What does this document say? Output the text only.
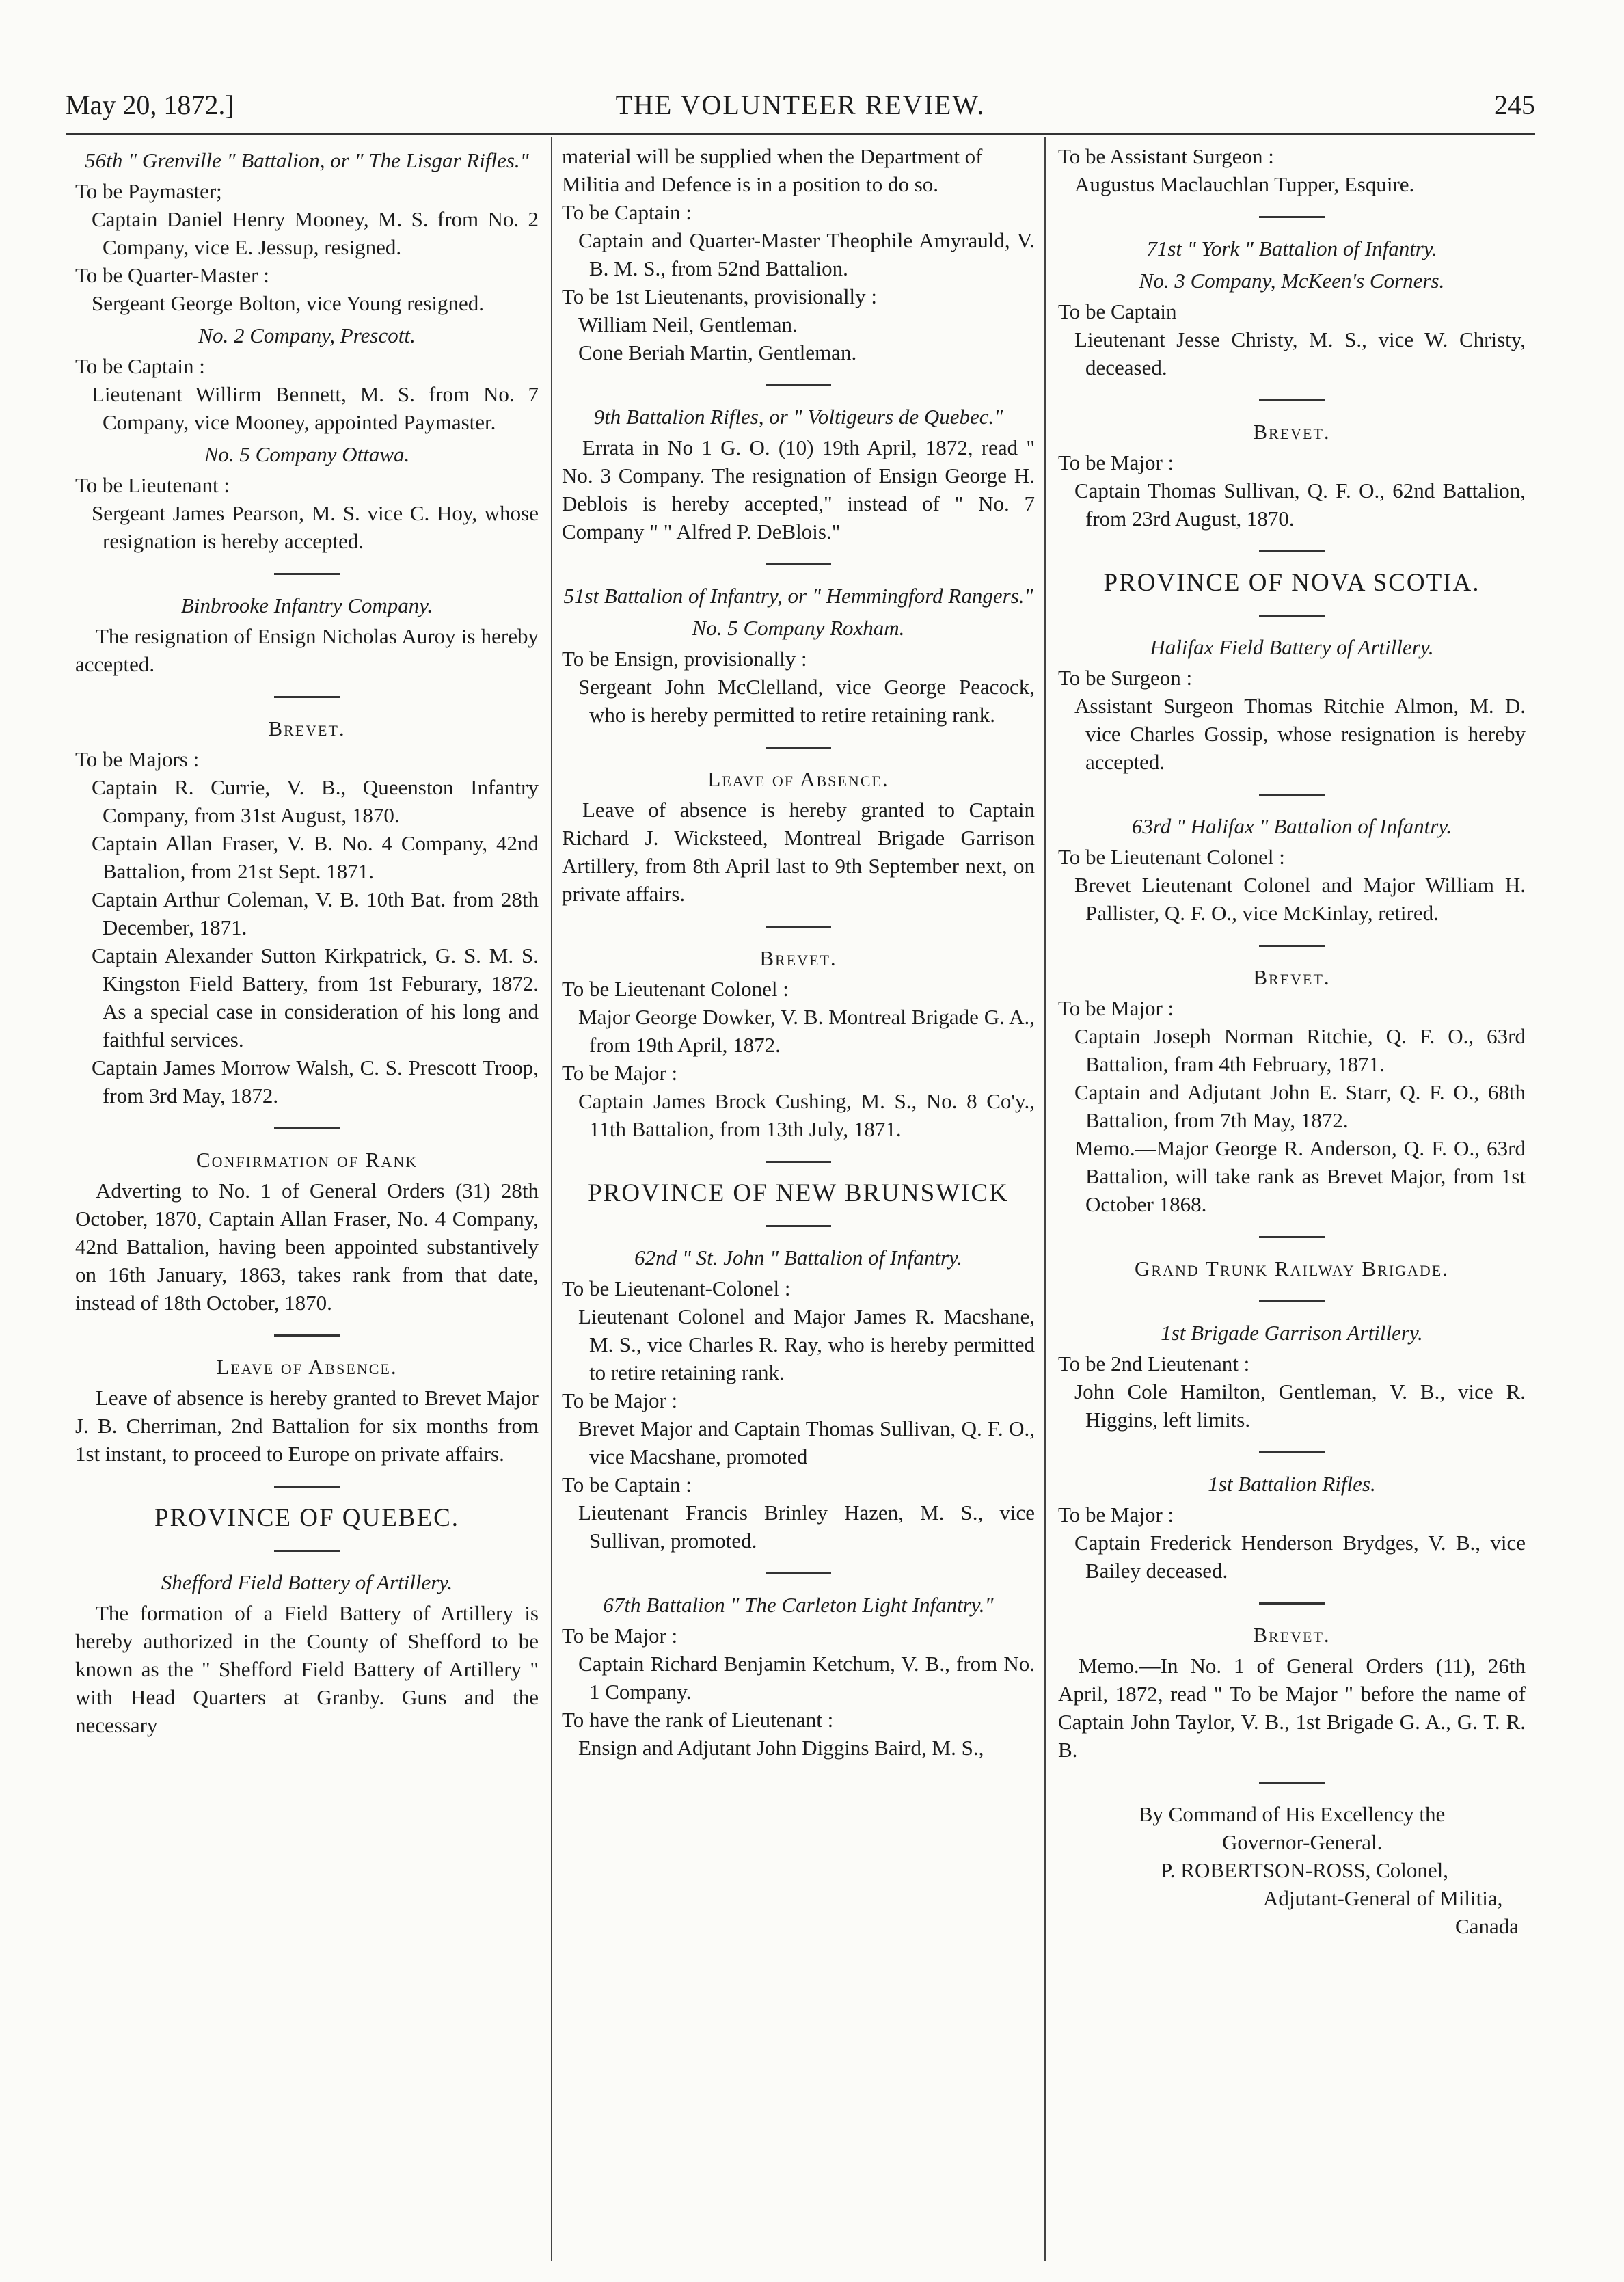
May 20, 1872.]	THE VOLUNTEER REVIEW.	245

56th " Grenville " Battalion, or " The Lisgar Rifles."

To be Paymaster;

Captain Daniel Henry Mooney, M. S. from No. 2 Company, vice E. Jessup, resigned.

To be Quarter-Master :

Sergeant George Bolton, vice Young resigned.

No. 2 Company, Prescott.

To be Captain :

Lieutenant Willirm Bennett, M. S. from No. 7 Company, vice Mooney, appointed Paymaster.

No. 5 Company Ottawa.

To be Lieutenant :

Sergeant James Pearson, M. S. vice C. Hoy, whose resignation is hereby accepted.

Binbrooke Infantry Company.

The resignation of Ensign Nicholas Auroy is hereby accepted.

Brevet.

To be Majors :

Captain R. Currie, V. B., Queenston Infantry Company, from 31st August, 1870.

Captain Allan Fraser, V. B. No. 4 Company, 42nd Battalion, from 21st Sept. 1871.

Captain Arthur Coleman, V. B. 10th Bat. from 28th December, 1871.

Captain Alexander Sutton Kirkpatrick, G. S. M. S. Kingston Field Battery, from 1st Feburary, 1872. As a special case in consideration of his long and faithful services.

Captain James Morrow Walsh, C. S. Prescott Troop, from 3rd May, 1872.

Confirmation of Rank

Adverting to No. 1 of General Orders (31) 28th October, 1870, Captain Allan Fraser, No. 4 Company, 42nd Battalion, having been appointed substantively on 16th January, 1863, takes rank from that date, instead of 18th October, 1870.

Leave of Absence.

Leave of absence is hereby granted to Brevet Major J. B. Cherriman, 2nd Battalion for six months from 1st instant, to proceed to Europe on private affairs.

PROVINCE OF QUEBEC.

Shefford Field Battery of Artillery.

The formation of a Field Battery of Artillery is hereby authorized in the County of Shefford to be known as the " Shefford Field Battery of Artillery " with Head Quarters at Granby. Guns and the necessary

material will be supplied when the Department of Militia and Defence is in a position to do so.

To be Captain :

Captain and Quarter-Master Theophile Amyrauld, V. B. M. S., from 52nd Battalion.

To be 1st Lieutenants, provisionally :

William Neil, Gentleman.

Cone Beriah Martin, Gentleman.

9th Battalion Rifles, or " Voltigeurs de Quebec."

Errata in No 1 G. O. (10) 19th April, 1872, read " No. 3 Company. The resignation of Ensign George H. Deblois is hereby accepted," instead of " No. 7 Company " " Alfred P. DeBlois."

51st Battalion of Infantry, or " Hemmingford Rangers."

No. 5 Company Roxham.

To be Ensign, provisionally :

Sergeant John McClelland, vice George Peacock, who is hereby permitted to retire retaining rank.

Leave of Absence.

Leave of absence is hereby granted to Captain Richard J. Wicksteed, Montreal Brigade Garrison Artillery, from 8th April last to 9th September next, on private affairs.

Brevet.

To be Lieutenant Colonel :

Major George Dowker, V. B. Montreal Brigade G. A., from 19th April, 1872.

To be Major :

Captain James Brock Cushing, M. S., No. 8 Co'y., 11th Battalion, from 13th July, 1871.

PROVINCE OF NEW BRUNSWICK

62nd " St. John " Battalion of Infantry.

To be Lieutenant-Colonel :

Lieutenant Colonel and Major James R. Macshane, M. S., vice Charles R. Ray, who is hereby permitted to retire retaining rank.

To be Major :

Brevet Major and Captain Thomas Sullivan, Q. F. O., vice Macshane, promoted

To be Captain :

Lieutenant Francis Brinley Hazen, M. S., vice Sullivan, promoted.

67th Battalion " The Carleton Light Infantry."

To be Major :

Captain Richard Benjamin Ketchum, V. B., from No. 1 Company.

To have the rank of Lieutenant :

Ensign and Adjutant John Diggins Baird, M. S.,

To be Assistant Surgeon :

Augustus Maclauchlan Tupper, Esquire.

71st " York " Battalion of Infantry.

No. 3 Company, McKeen's Corners.

To be Captain

Lieutenant Jesse Christy, M. S., vice W. Christy, deceased.

Brevet.

To be Major :

Captain Thomas Sullivan, Q. F. O., 62nd Battalion, from 23rd August, 1870.

PROVINCE OF NOVA SCOTIA.

Halifax Field Battery of Artillery.

To be Surgeon :

Assistant Surgeon Thomas Ritchie Almon, M. D. vice Charles Gossip, whose resignation is hereby accepted.

63rd " Halifax " Battalion of Infantry.

To be Lieutenant Colonel :

Brevet Lieutenant Colonel and Major William H. Pallister, Q. F. O., vice McKinlay, retired.

Brevet.

To be Major :

Captain Joseph Norman Ritchie, Q. F. O., 63rd Battalion, fram 4th February, 1871.

Captain and Adjutant John E. Starr, Q. F. O., 68th Battalion, from 7th May, 1872.

Memo.—Major George R. Anderson, Q. F. O., 63rd Battalion, will take rank as Brevet Major, from 1st October 1868.

Grand Trunk Railway Brigade.

1st Brigade Garrison Artillery.

To be 2nd Lieutenant :

John Cole Hamilton, Gentleman, V. B., vice R. Higgins, left limits.

1st Battalion Rifles.

To be Major :

Captain Frederick Henderson Brydges, V. B., vice Bailey deceased.

Brevet.

Memo.—In No. 1 of General Orders (11), 26th April, 1872, read " To be Major " before the name of Captain John Taylor, V. B., 1st Brigade G. A., G. T. R. B.

By Command of His Excellency the

Governor-General.

P. ROBERTSON-ROSS, Colonel,

Adjutant-General of Militia,

Canada
